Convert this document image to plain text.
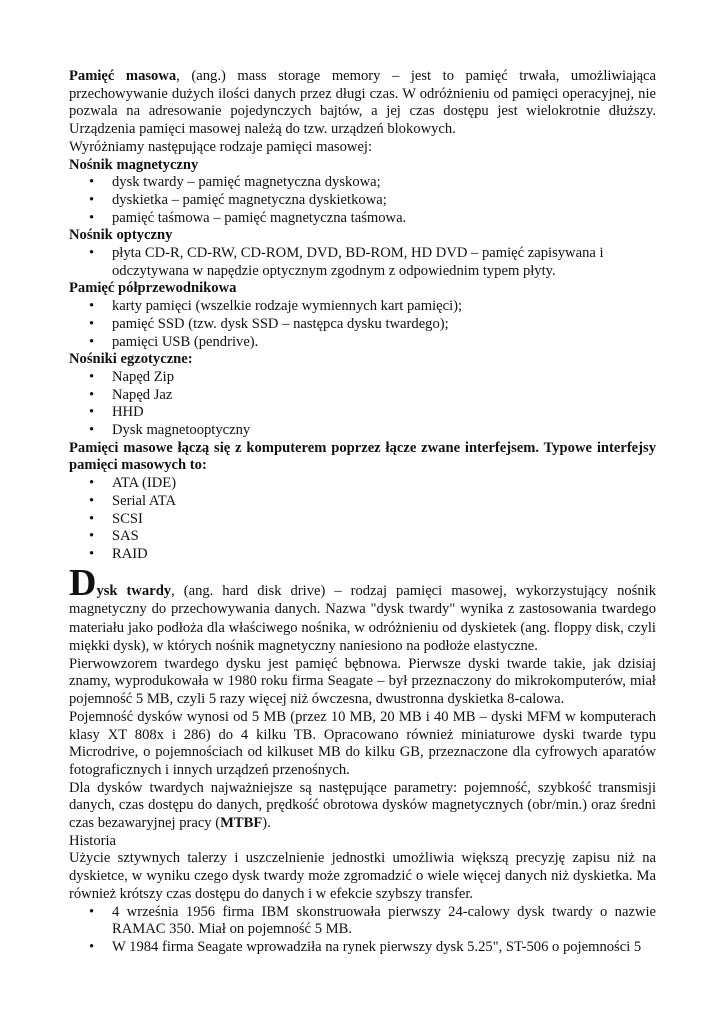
Pamięć masowa, (ang.) mass storage memory – jest to pamięć trwała, umożliwiająca przechowywanie dużych ilości danych przez długi czas. W odróżnieniu od pamięci operacyjnej, nie pozwala na adresowanie pojedynczych bajtów, a jej czas dostępu jest wielokrotnie dłuższy. Urządzenia pamięci masowej należą do tzw. urządzeń blokowych.

Wyróżniamy następujące rodzaje pamięci masowej:

Nośnik magnetyczny

• dysk twardy – pamięć magnetyczna dyskowa;
• dyskietka – pamięć magnetyczna dyskietkowa;
• pamięć taśmowa – pamięć magnetyczna taśmowa.

Nośnik optyczny

• płyta CD-R, CD-RW, CD-ROM, DVD, BD-ROM, HD DVD – pamięć zapisywana i odczytywana w napędzie optycznym zgodnym z odpowiednim typem płyty.

Pamięć półprzewodnikowa

• karty pamięci (wszelkie rodzaje wymiennych kart pamięci);
• pamięć SSD (tzw. dysk SSD – następca dysku twardego);
• pamięci USB (pendrive).

Nośniki egzotyczne:

• Napęd Zip
• Napęd Jaz
• HHD
• Dysk magnetooptyczny

Pamięci masowe łączą się z komputerem poprzez łącze zwane interfejsem. Typowe interfejsy pamięci masowych to:

• ATA (IDE)
• Serial ATA
• SCSI
• SAS
• RAID

Dysk twardy, (ang. hard disk drive) – rodzaj pamięci masowej, wykorzystujący nośnik magnetyczny do przechowywania danych. Nazwa "dysk twardy" wynika z zastosowania twardego materiału jako podłoża dla właściwego nośnika, w odróżnieniu od dyskietek (ang. floppy disk, czyli miękki dysk), w których nośnik magnetyczny naniesiono na podłoże elastyczne.

Pierwowzorem twardego dysku jest pamięć bębnowa. Pierwsze dyski twarde takie, jak dzisiaj znamy, wyprodukowała w 1980 roku firma Seagate – był przeznaczony do mikrokomputerów, miał pojemność 5 MB, czyli 5 razy więcej niż ówczesna, dwustronna dyskietka 8-calowa.

Pojemność dysków wynosi od 5 MB (przez 10 MB, 20 MB i 40 MB – dyski MFM w komputerach klasy XT 808x i 286) do 4 kilku TB. Opracowano również miniaturowe dyski twarde typu Microdrive, o pojemnościach od kilkuset MB do kilku GB, przeznaczone dla cyfrowych aparatów fotograficznych i innych urządzeń przenośnych.

Dla dysków twardych najważniejsze są następujące parametry: pojemność, szybkość transmisji danych, czas dostępu do danych, prędkość obrotowa dysków magnetycznych (obr/min.) oraz średni czas bezawaryjnej pracy (MTBF).

Historia

Użycie sztywnych talerzy i uszczelnienie jednostki umożliwia większą precyzję zapisu niż na dyskietce, w wyniku czego dysk twardy może zgromadzić o wiele więcej danych niż dyskietka. Ma również krótszy czas dostępu do danych i w efekcie szybszy transfer.

• 4 września 1956 firma IBM skonstruowała pierwszy 24-calowy dysk twardy o nazwie RAMAC 350. Miał on pojemność 5 MB.
• W 1984 firma Seagate wprowadziła na rynek pierwszy dysk 5.25", ST-506 o pojemności 5
